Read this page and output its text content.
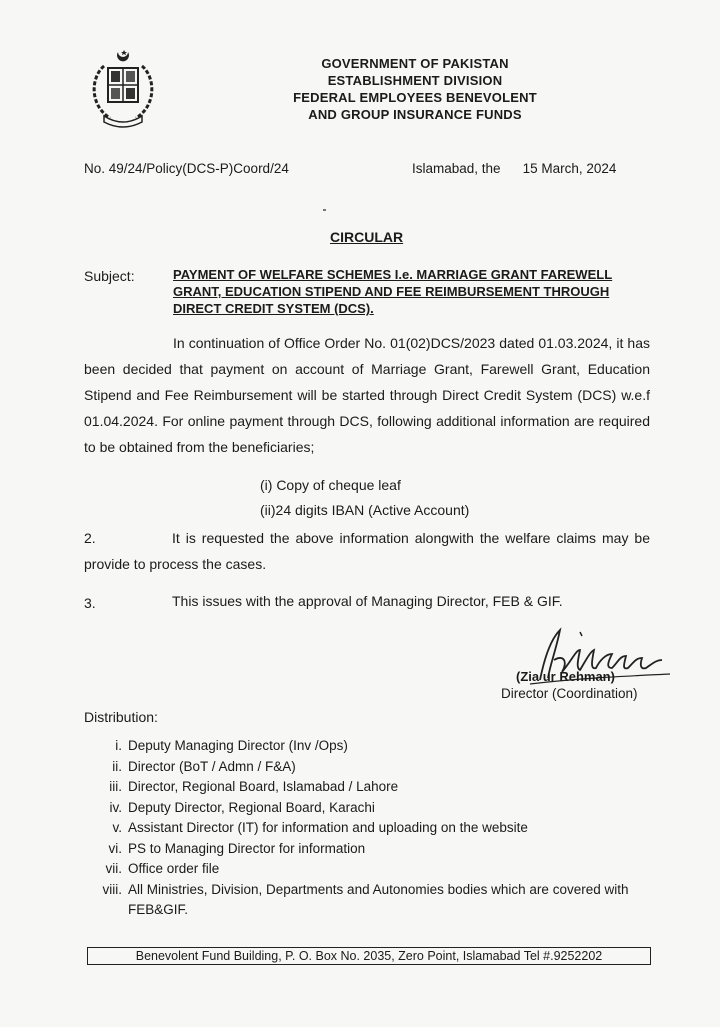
GOVERNMENT OF PAKISTAN
ESTABLISHMENT DIVISION
FEDERAL EMPLOYEES BENEVOLENT
AND GROUP INSURANCE FUNDS
No. 49/24/Policy(DCS-P)Coord/24	Islamabad, the 15 March, 2024
CIRCULAR
Subject:	PAYMENT OF WELFARE SCHEMES I.e. MARRIAGE GRANT FAREWELL GRANT, EDUCATION STIPEND AND FEE REIMBURSEMENT THROUGH DIRECT CREDIT SYSTEM (DCS).
In continuation of Office Order No. 01(02)DCS/2023 dated 01.03.2024, it has been decided that payment on account of Marriage Grant, Farewell Grant, Education Stipend and Fee Reimbursement will be started through Direct Credit System (DCS) w.e.f 01.04.2024. For online payment through DCS, following additional information are required to be obtained from the beneficiaries;
(i) Copy of cheque leaf
(ii)24 digits IBAN (Active Account)
2.	It is requested the above information alongwith the welfare claims may be provide to process the cases.
3.	This issues with the approval of Managing Director, FEB & GIF.
(Zia ur Rehman)
Director (Coordination)
Distribution:
i. Deputy Managing Director (Inv /Ops)
ii. Director (BoT / Admn / F&A)
iii. Director, Regional Board, Islamabad / Lahore
iv. Deputy Director, Regional Board, Karachi
v. Assistant Director (IT) for information and uploading on the website
vi. PS to Managing Director for information
vii. Office order file
viii. All Ministries, Division, Departments and Autonomies bodies which are covered with FEB&GIF.
Benevolent Fund Building, P. O. Box No. 2035, Zero Point, Islamabad Tel #.9252202
